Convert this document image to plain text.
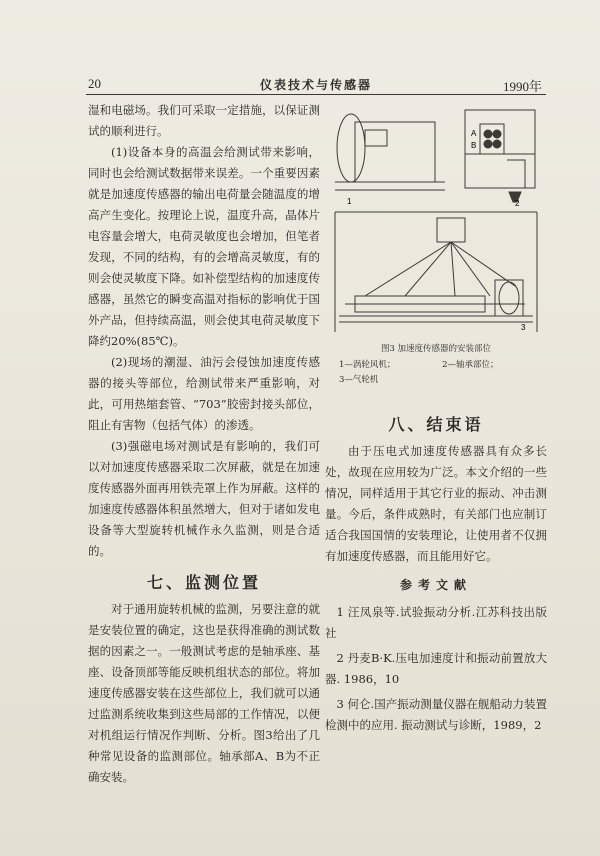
20	仪表技术与传感器	1990年

湿和电磁场。我们可采取一定措施，以保证测试的顺利进行。

(1)设备本身的高温会给测试带来影响，同时也会给测试数据带来误差。一个重要因素就是加速度传感器的输出电荷量会随温度的增高产生变化。按理论上说，温度升高，晶体片电容量会增大，电荷灵敏度也会增加，但笔者发现，不同的结构，有的会增高灵敏度，有的则会使灵敏度下降。如补偿型结构的加速度传感器，虽然它的瞬变高温对指标的影响优于国外产品，但持续高温，则会使其电荷灵敏度下降约20%(85℃)。

(2)现场的潮湿、油污会侵蚀加速度传感器的接头等部位，给测试带来严重影响，对此，可用热缩套管、“703”胶密封接头部位，阻止有害物（包括气体）的渗透。

(3)强磁电场对测试是有影响的，我们可以对加速度传感器采取二次屏蔽，就是在加速度传感器外面再用铁壳罩上作为屏蔽。这样的加速度传感器体积虽然增大，但对于诸如发电设备等大型旋转机械作永久监测，则是合适的。

七、监测位置

对于通用旋转机械的监测，另要注意的就是安装位置的确定，这也是获得准确的测试数据的因素之一。一般测试考虑的是轴承座、基座、设备顶部等能反映机组状态的部位。将加速度传感器安装在这些部位上，我们就可以通过监测系统收集到这些局部的工作情况，以便对机组运行情况作判断、分析。图3给出了几种常见设备的监测部位。轴承部A、B为不正确安装。

A
B
1	2
3
图3 加速度传感器的安装部位
1—涡轮风机；	2—轴承部位；
3—气轮机
八、结束语

由于压电式加速度传感器具有众多长处，故现在应用较为广泛。本文介绍的一些情况，同样适用于其它行业的振动、冲击测量。今后，条件成熟时，有关部门也应制订适合我国国情的安装理论，让使用者不仅拥有加速度传感器，而且能用好它。

参考文献

1 汪凤泉等.试验振动分析.江苏科技出版社

2 丹麦B·K.压电加速度计和振动前置放大器. 1986，10

3 何仑.国产振动测量仪器在舰船动力装置检测中的应用. 振动测试与诊断，1989，2
